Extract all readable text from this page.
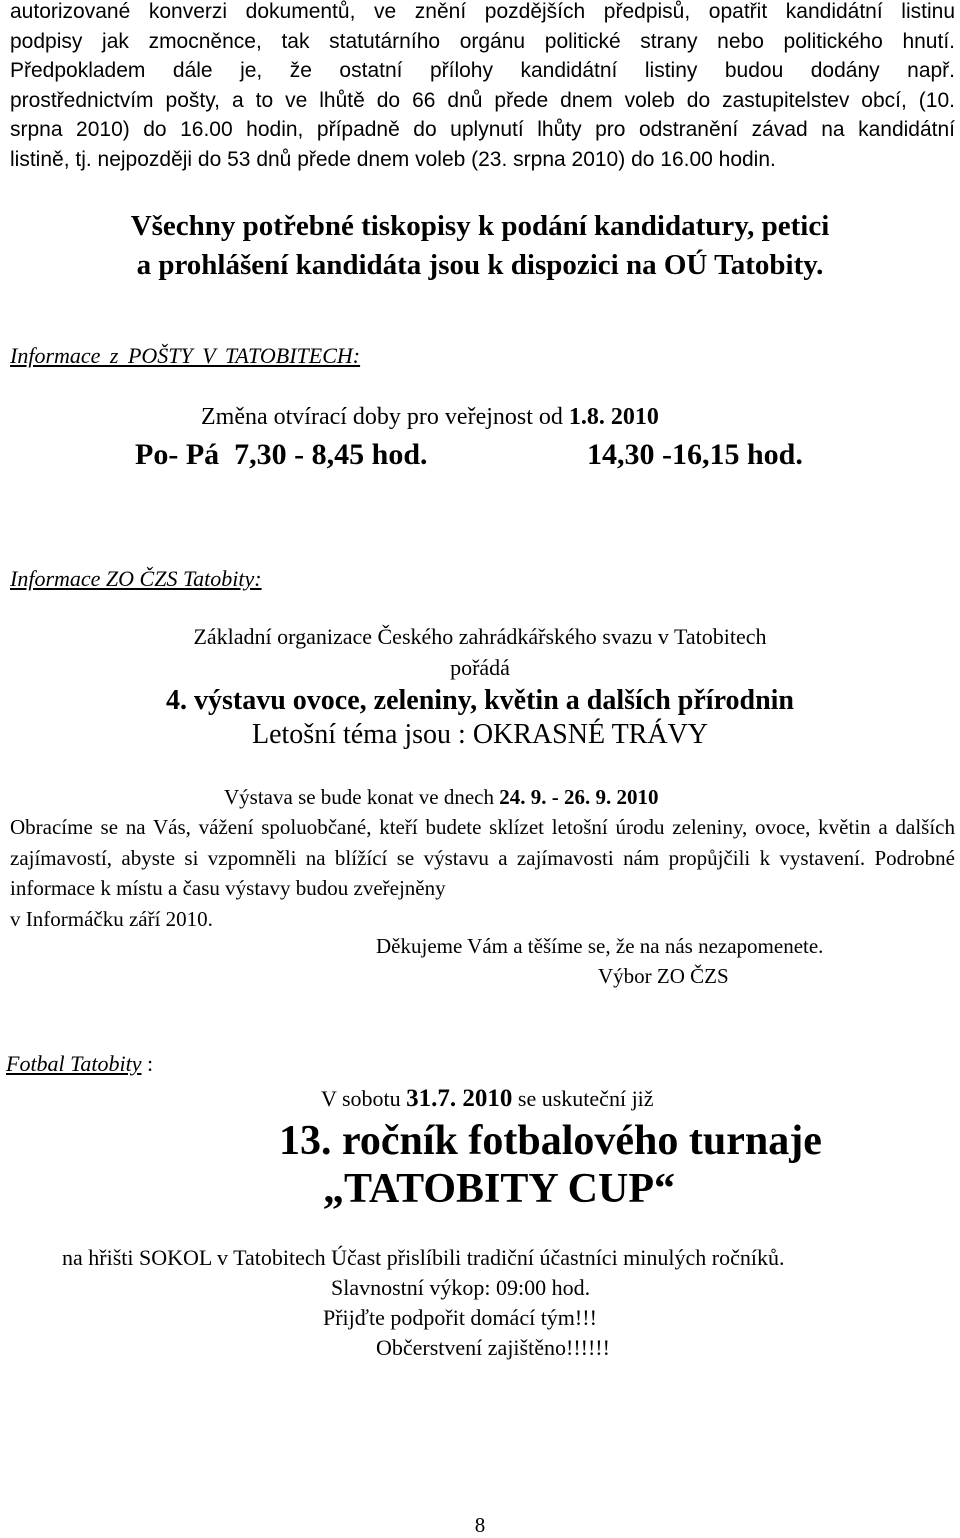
autorizované konverzi dokumentů, ve znění pozdějších předpisů, opatřit kandidátní listinu
podpisy jak zmocněnce, tak statutárního orgánu politické strany nebo politického hnutí.
Předpokladem dále je, že ostatní přílohy kandidátní listiny budou dodány např.
prostřednictvím pošty, a to ve lhůtě do 66 dnů přede dnem voleb do zastupitelstev obcí, (10.
srpna 2010) do 16.00 hodin, případně do uplynutí lhůty pro odstranění závad na kandidátní
listině, tj. nejpozději do 53 dnů přede dnem voleb (23. srpna 2010) do 16.00 hodin.
Všechny potřebné tiskopisy k podání kandidatury, petici
a prohlášení kandidáta jsou k dispozici na OÚ Tatobity.
Informace z POŠTY V TATOBITECH:
Změna otvírací doby pro veřejnost od 1.8. 2010
Po- Pá 7,30 - 8,45 hod.	14,30 -16,15 hod.
Informace ZO ČZS Tatobity:
Základní organizace Českého zahrádkářského svazu v Tatobitech
pořádá
4. výstavu ovoce, zeleniny, květin a dalších přírodnin
Letošní téma jsou : OKRASNÉ TRÁVY
Výstava se bude konat ve dnech 24. 9. - 26. 9. 2010
Obracíme se na Vás, vážení spoluobčané, kteří budete sklízet letošní úrodu zeleniny, ovoce, květin a dalších zajímavostí, abyste si vzpomněli na blížící se výstavu a zajímavosti nám propůjčili k vystavení. Podrobné informace k místu a času výstavy budou zveřejněny
v Informáčku září 2010.
Děkujeme Vám a těšíme se, že na nás nezapomenete.
Výbor ZO ČZS
Fotbal Tatobity :
V sobotu 31.7. 2010 se uskuteční již
13. ročník fotbalového turnaje
„TATOBITY CUP“
na hřišti SOKOL v Tatobitech Účast přislíbili tradiční účastníci minulých ročníků.
Slavnostní výkop: 09:00 hod.
Přijďte podpořit domácí tým!!!
Občerstvení zajištěno!!!!!!
8
